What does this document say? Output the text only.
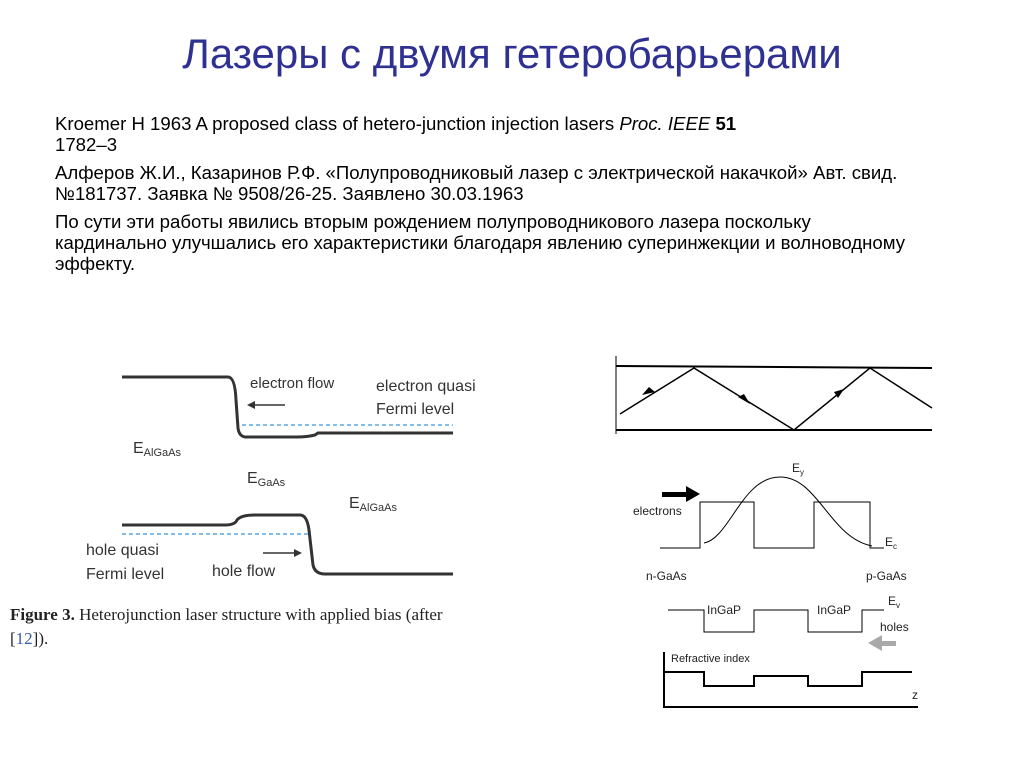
Лазеры с двумя гетеробарьерами

Kroemer H 1963 A proposed class of hetero-junction injection lasers Proc. IEEE 51
1782–3

Алферов Ж.И., Казаринов Р.Ф. «Полупроводниковый лазер с электрической накачкой» Авт. свид. №181737. Заявка № 9508/26-25. Заявлено 30.03.1963

По сути эти работы явились вторым рождением полупроводникового лазера поскольку кардинально улучшались его характеристики благодаря явлению суперинжекции и волноводному эффекту.

electron flow	electron quasi
Fermi level
EAlGaAs
EGaAs
EAlGaAs
hole quasi
Fermi level	hole flow
Figure 3. Heterojunction laser structure with applied bias (after
[12]).
$E_y$
electrons
$E_c$
n-GaAs	p-GaAs
InGaP	InGaP
$E_v$
holes
Refractive index
z
